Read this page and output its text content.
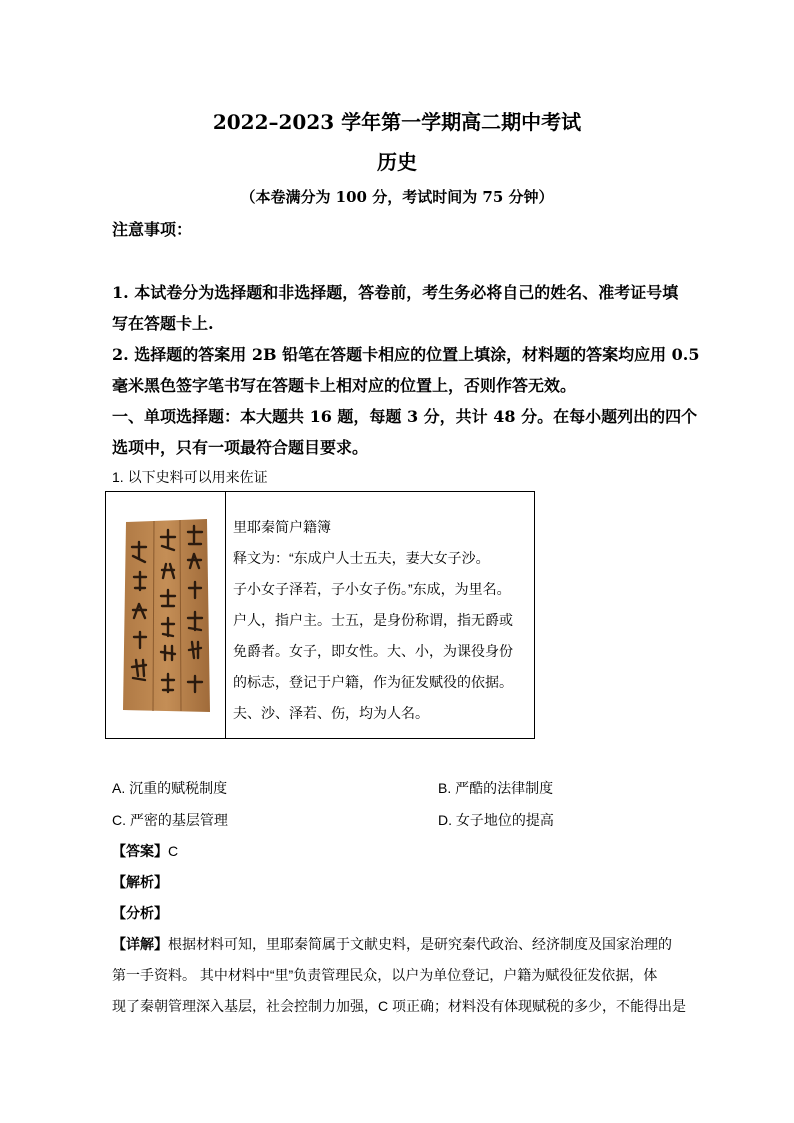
2022–2023 学年第一学期高二期中考试
历史
（本卷满分为 100 分，考试时间为 75 分钟）
注意事项：
1. 本试卷分为选择题和非选择题，答卷前，考生务必将自己的姓名、准考证号填
写在答题卡上.
2. 选择题的答案用 2B 铅笔在答题卡相应的位置上填涂，材料题的答案均应用 0.5
毫米黑色签字笔书写在答题卡上相对应的位置上，否则作答无效。
一、单项选择题：本大题共 16 题，每题 3 分，共计 48 分。在每小题列出的四个
选项中，只有一项最符合题目要求。
1. 以下史料可以用来佐证
里耶秦简户籍簿
释文为：“东成户人士五夫，妻大女子沙。
子小女子泽若，子小女子伤。”东成，为里名。
户人，指户主。士五，是身份称谓，指无爵或
免爵者。女子，即女性。大、小，为课役身份
的标志，登记于户籍，作为征发赋役的依据。
夫、沙、泽若、伤，均为人名。
A. 沉重的赋税制度	B. 严酷的法律制度
C. 严密的基层管理	D. 女子地位的提高
【答案】C
【解析】
【分析】
【详解】根据材料可知，里耶秦简属于文献史料，是研究秦代政治、经济制度及国家治理的
第一手资料。 其中材料中“里”负责管理民众，以户为单位登记，户籍为赋役征发依据，体
现了秦朝管理深入基层，社会控制力加强，C 项正确；材料没有体现赋税的多少，不能得出是
